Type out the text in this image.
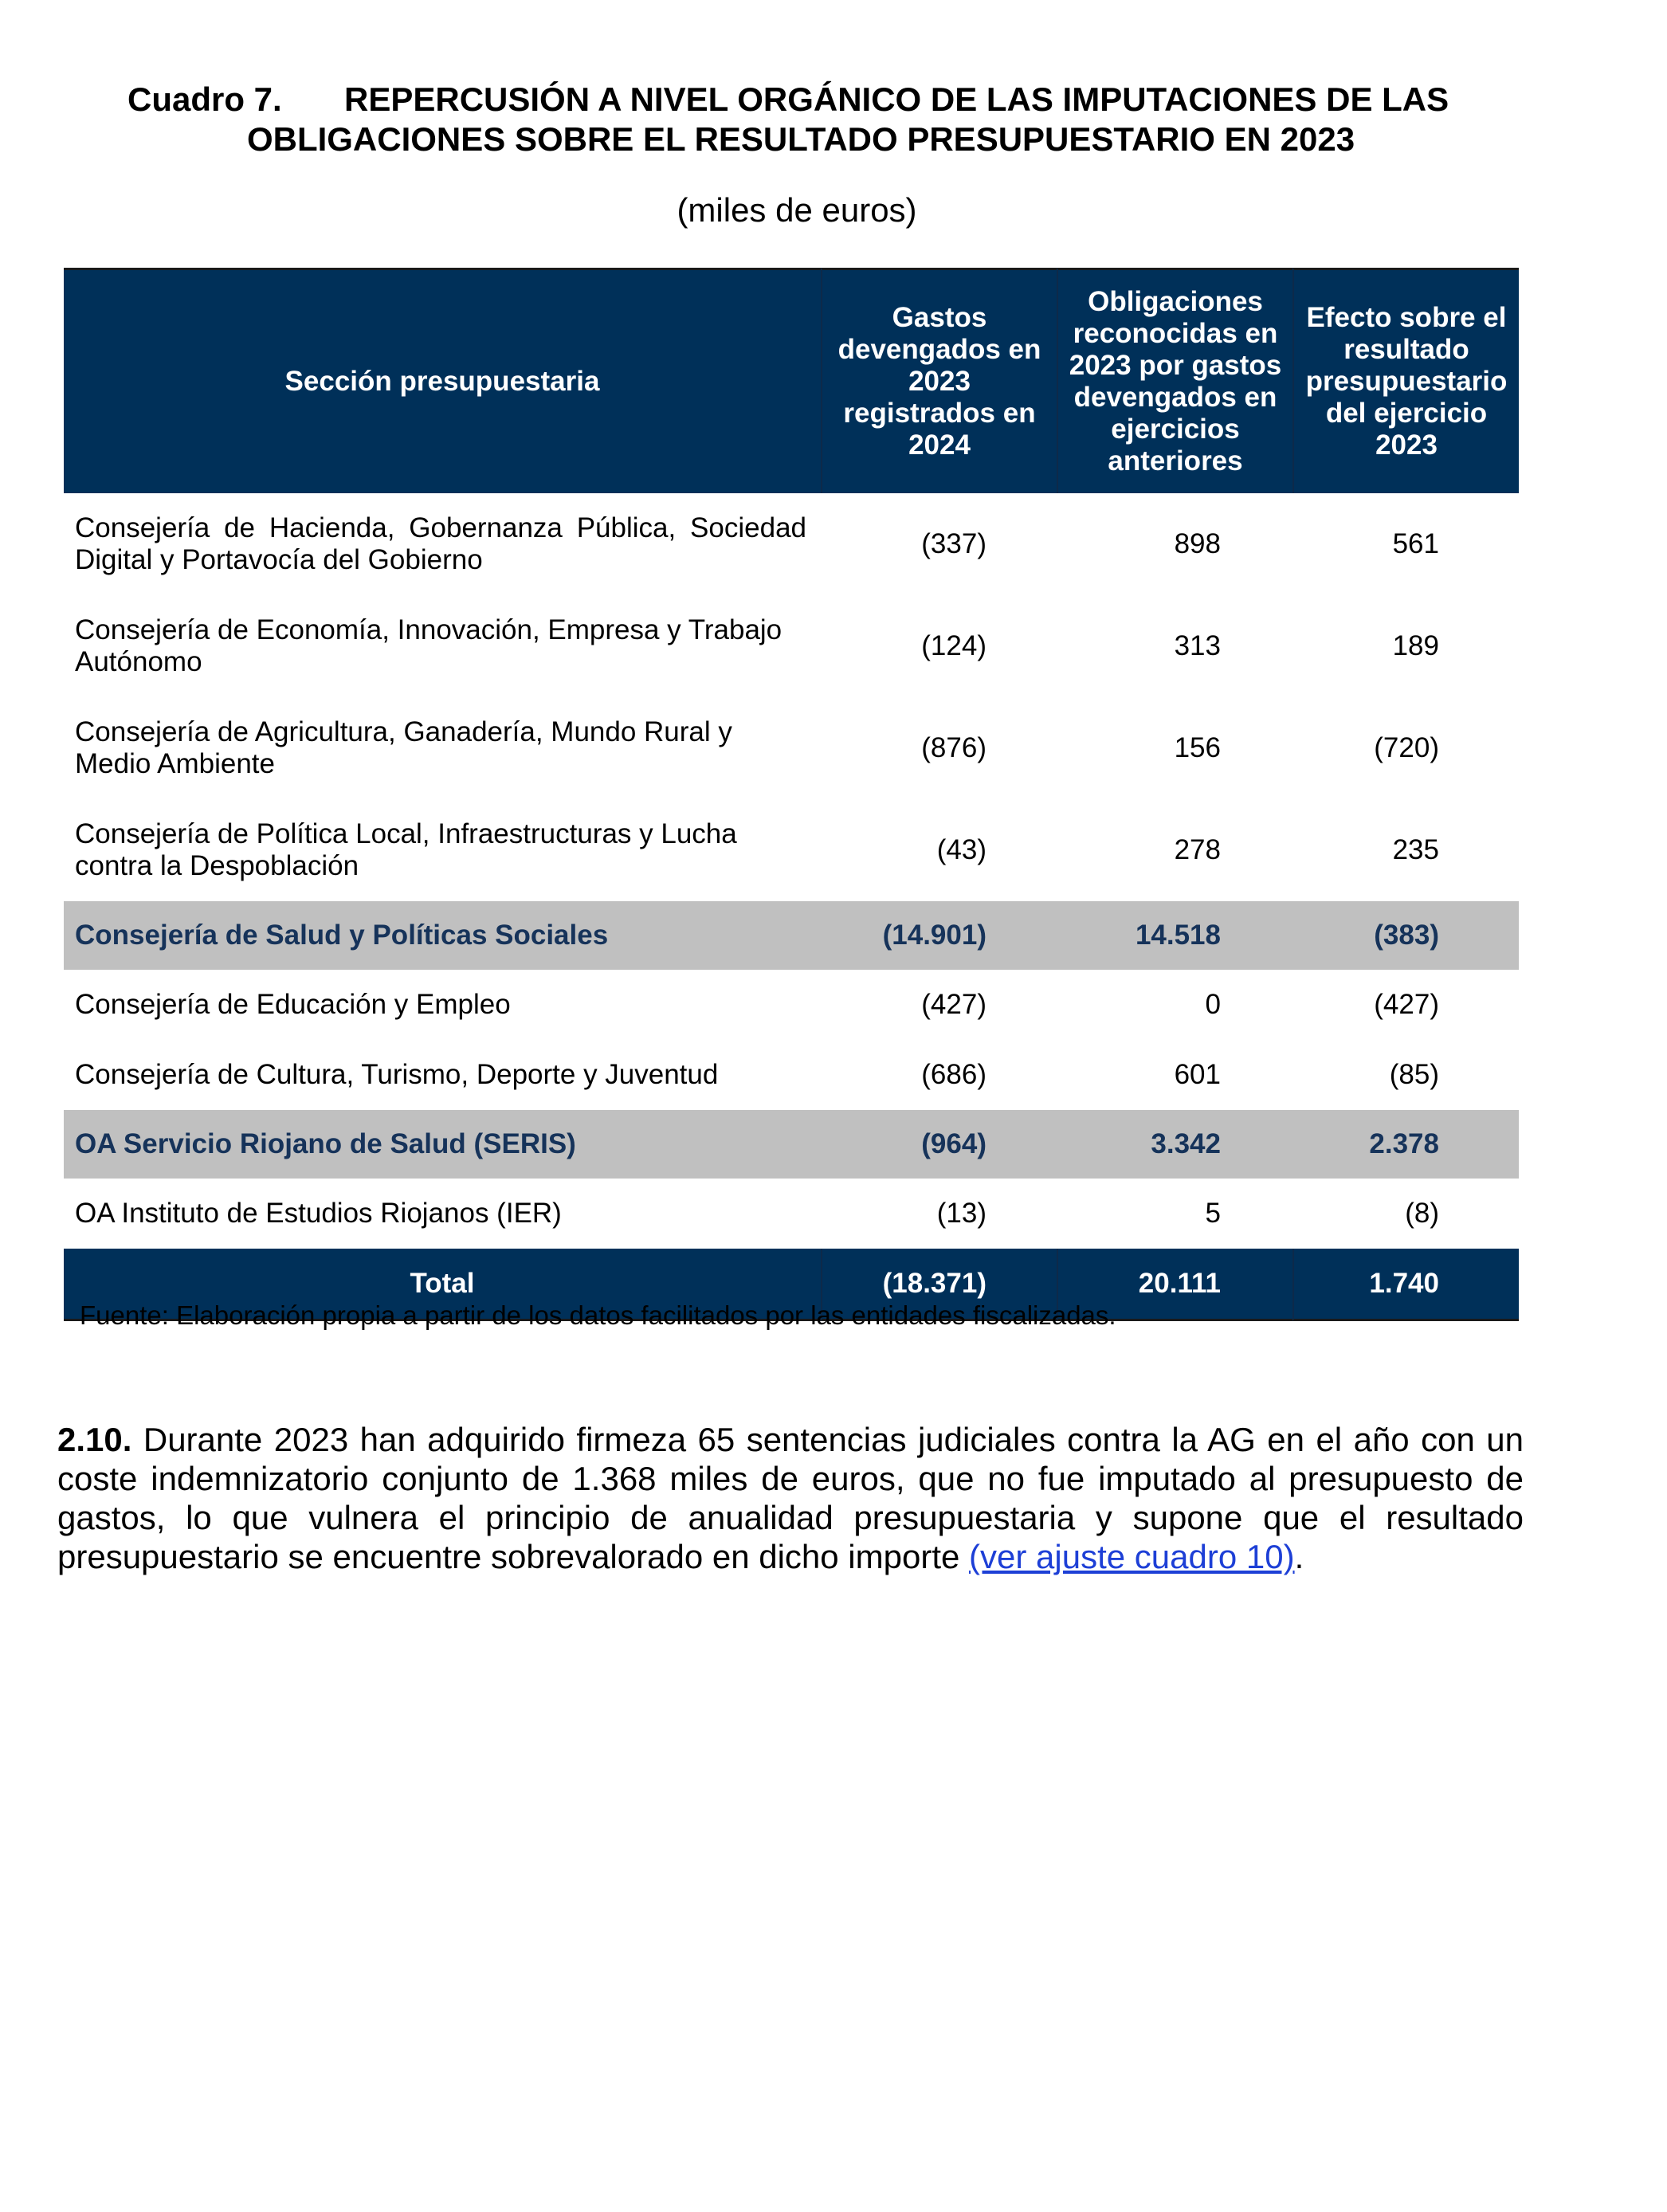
Cuadro 7. REPERCUSIÓN A NIVEL ORGÁNICO DE LAS IMPUTACIONES DE LAS
OBLIGACIONES SOBRE EL RESULTADO PRESUPUESTARIO EN 2023
(miles de euros)
Sección presupuestaria	Gastos devengados en 2023 registrados en 2024	Obligaciones reconocidas en 2023 por gastos devengados en ejercicios anteriores	Efecto sobre el resultado presupuestario del ejercicio 2023
Consejería de Hacienda, Gobernanza Pública, Sociedad Digital y Portavocía del Gobierno	(337)	898	561
Consejería de Economía, Innovación, Empresa y Trabajo Autónomo	(124)	313	189
Consejería de Agricultura, Ganadería, Mundo Rural y Medio Ambiente	(876)	156	(720)
Consejería de Política Local, Infraestructuras y Lucha contra la Despoblación	(43)	278	235
Consejería de Salud y Políticas Sociales	(14.901)	14.518	(383)
Consejería de Educación y Empleo	(427)	0	(427)
Consejería de Cultura, Turismo, Deporte y Juventud	(686)	601	(85)
OA Servicio Riojano de Salud (SERIS)	(964)	3.342	2.378
OA Instituto de Estudios Riojanos (IER)	(13)	5	(8)
Total	(18.371)	20.111	1.740
Fuente: Elaboración propia a partir de los datos facilitados por las entidades fiscalizadas.

2.10. Durante 2023 han adquirido firmeza 65 sentencias judiciales contra la AG en el año con un coste indemnizatorio conjunto de 1.368 miles de euros, que no fue imputado al presupuesto de gastos, lo que vulnera el principio de anualidad presupuestaria y supone que el resultado presupuestario se encuentre sobrevalorado en dicho importe (ver ajuste cuadro 10).
